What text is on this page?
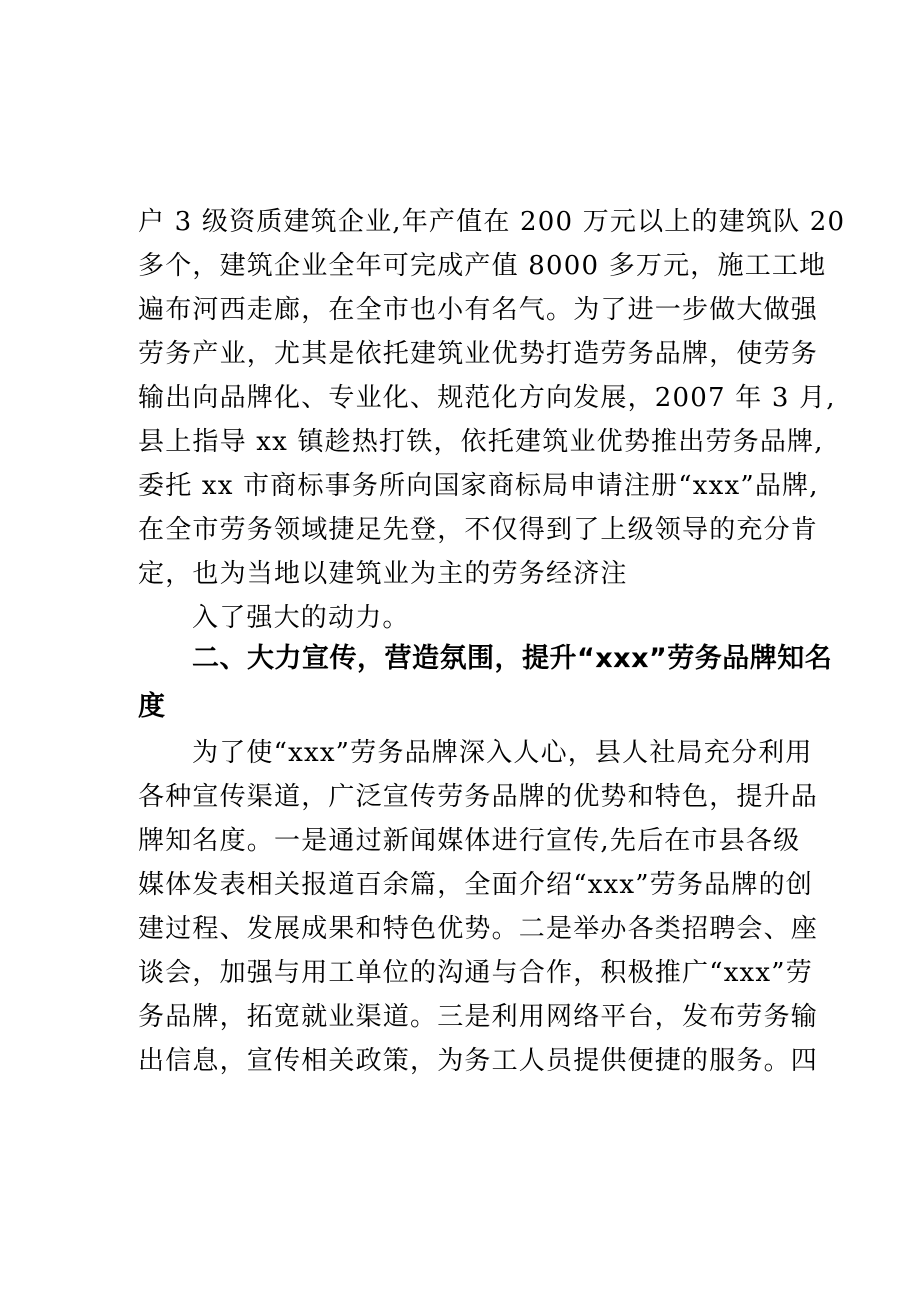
户 3 级资质建筑企业,年产值在 200 万元以上的建筑队 20
多个，建筑企业全年可完成产值 8000 多万元，施工工地
遍布河西走廊，在全市也小有名气。为了进一步做大做强
劳务产业，尤其是依托建筑业优势打造劳务品牌，使劳务
输出向品牌化、专业化、规范化方向发展，2007 年 3 月,
县上指导 xx 镇趁热打铁，依托建筑业优势推出劳务品牌,
委托 xx 市商标事务所向国家商标局申请注册“xxx”品牌,
在全市劳务领域捷足先登，不仅得到了上级领导的充分肯
定，也为当地以建筑业为主的劳务经济注
入了强大的动力。
二、大力宣传，营造氛围，提升“xxx”劳务品牌知名
度
为了使“xxx”劳务品牌深入人心，县人社局充分利用
各种宣传渠道，广泛宣传劳务品牌的优势和特色，提升品
牌知名度。一是通过新闻媒体进行宣传,先后在市县各级
媒体发表相关报道百余篇，全面介绍“xxx”劳务品牌的创
建过程、发展成果和特色优势。二是举办各类招聘会、座
谈会，加强与用工单位的沟通与合作，积极推广“xxx”劳
务品牌，拓宽就业渠道。三是利用网络平台，发布劳务输
出信息，宣传相关政策，为务工人员提供便捷的服务。四
